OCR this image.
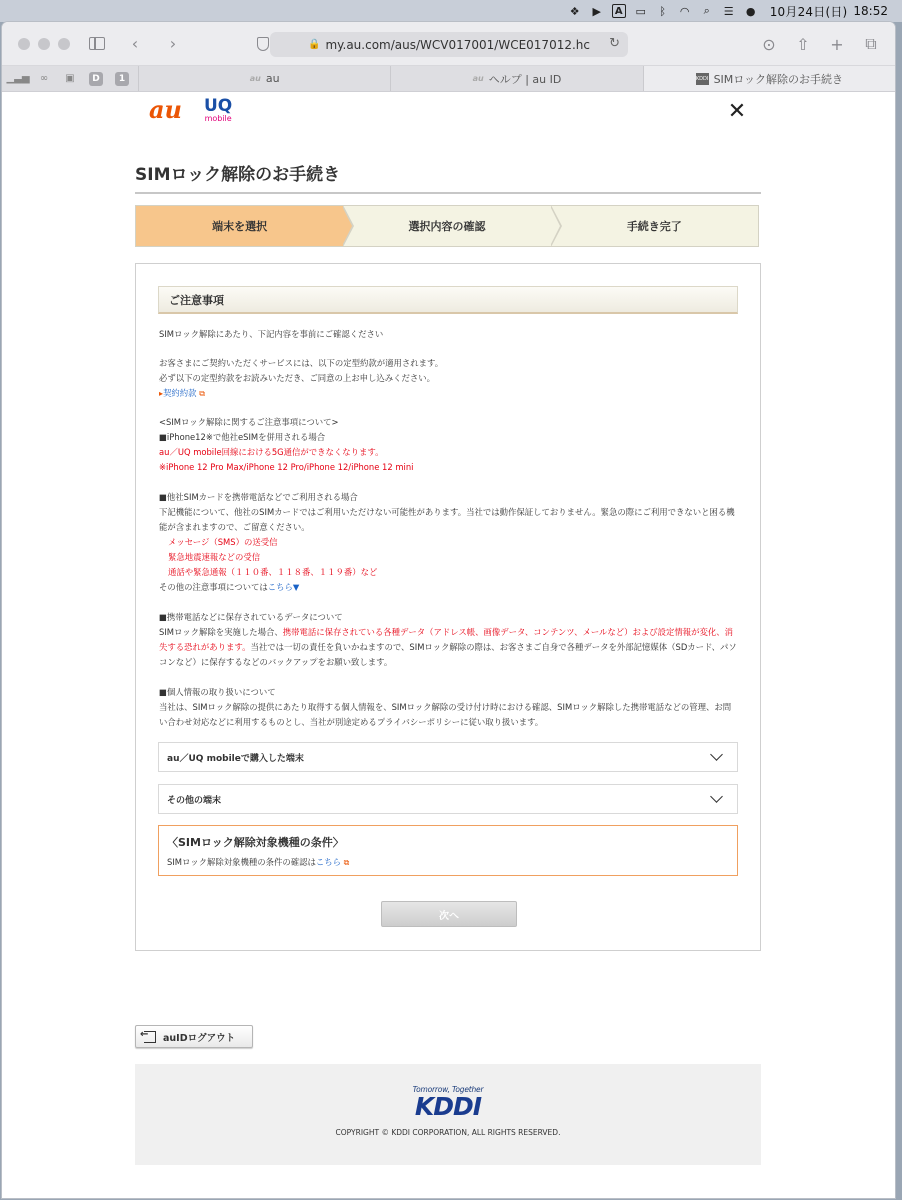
❖	▶	A	▭	ᛒ	◠	⌕	☰	●	10月24日(日) 18:52
‹	›	🔒 my.au.com/aus/WCV017001/WCE017012.hc ↻	⊙ ⇧ + ⧉
▁▃▅	∞	▣	D	1	au au	au ヘルプ | au ID	KDDI SIMロック解除のお手続き
au UQ
mobile	✕
SIMロック解除のお手続き
端末を選択	選択内容の確認	手続き完了
ご注意事項

SIMロック解除にあたり、下記内容を事前にご確認ください

お客さまにご契約いただくサービスには、以下の定型約款が適用されます。

必ず以下の定型約款をお読みいただき、ご同意の上お申し込みください。

▸契約約款 ⧉

<SIMロック解除に関するご注意事項について>

■iPhone12※で他社eSIMを併用される場合

au／UQ mobile回線における5G通信ができなくなります。

※iPhone 12 Pro Max/iPhone 12 Pro/iPhone 12/iPhone 12 mini

■他社SIMカードを携帯電話などでご利用される場合

下記機能について、他社のSIMカードではご利用いただけない可能性があります。当社では動作保証しておりません。緊急の際にご利用できないと困る機能が含まれますので、ご留意ください。

メッセージ（SMS）の送受信

緊急地震速報などの受信

通話や緊急通報（１１０番、１１８番、１１９番）など

その他の注意事項についてはこちら▼

■携帯電話などに保存されているデータについて

SIMロック解除を実施した場合、携帯電話に保存されている各種データ（アドレス帳、画像データ、コンテンツ、メールなど）および設定情報が変化、消失する恐れがあります。当社では一切の責任を負いかねますので、SIMロック解除の際は、お客さまご自身で各種データを外部記憶媒体（SDカード、パソコンなど）に保存するなどのバックアップをお願い致します。

■個人情報の取り扱いについて

当社は、SIMロック解除の提供にあたり取得する個人情報を、SIMロック解除の受け付け時における確認、SIMロック解除した携帯電話などの管理、お問い合わせ対応などに利用するものとし、当社が別途定めるプライバシーポリシーに従い取り扱います。

au／UQ mobileで購入した端末
その他の端末
〈SIMロック解除対象機種の条件〉
SIMロック解除対象機種の条件の確認はこちら ⧉
次へ
←
auIDログアウト
Tomorrow, Together
KDDI
COPYRIGHT © KDDI CORPORATION, ALL RIGHTS RESERVED.
